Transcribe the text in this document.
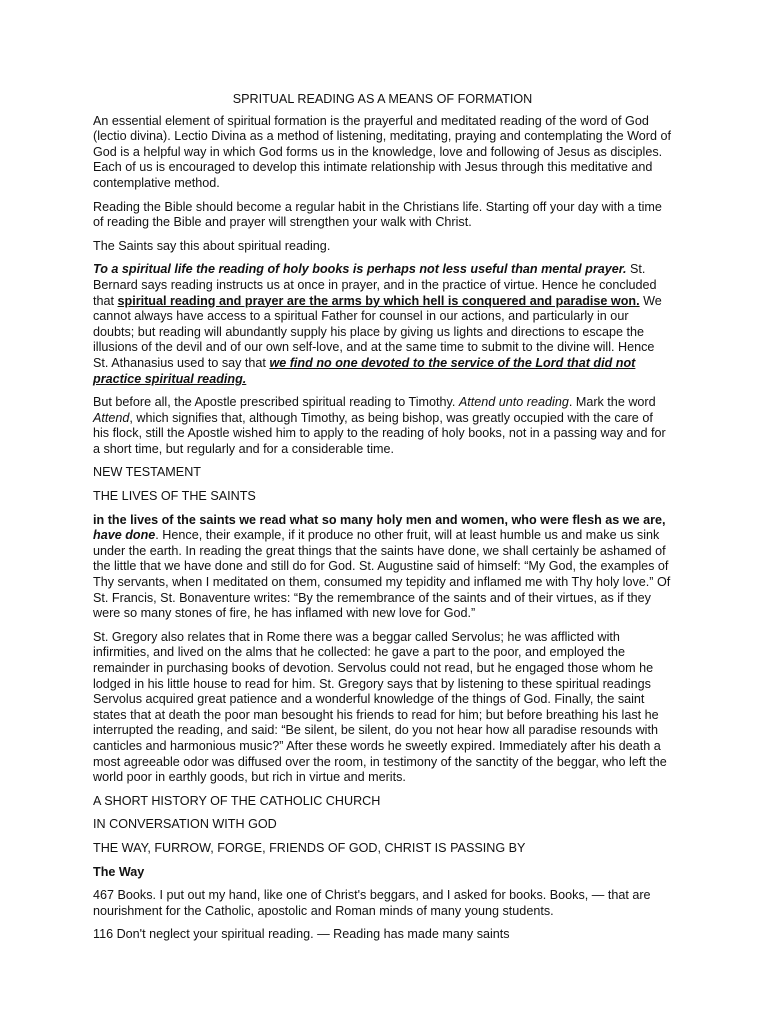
SPRITUAL READING AS A MEANS OF FORMATION

An essential element of spiritual formation is the prayerful and meditated reading of the word of God (lectio divina). Lectio Divina as a method of listening, meditating, praying and contemplating the Word of God is a helpful way in which God forms us in the knowledge, love and following of Jesus as disciples. Each of us is encouraged to develop this intimate relationship with Jesus through this meditative and contemplative method.

Reading the Bible should become a regular habit in the Christians life. Starting off your day with a time of reading the Bible and prayer will strengthen your walk with Christ.

The Saints say this about spiritual reading.

To a spiritual life the reading of holy books is perhaps not less useful than mental prayer. St. Bernard says reading instructs us at once in prayer, and in the practice of virtue. Hence he concluded that spiritual reading and prayer are the arms by which hell is conquered and paradise won. We cannot always have access to a spiritual Father for counsel in our actions, and particularly in our doubts; but reading will abundantly supply his place by giving us lights and directions to escape the illusions of the devil and of our own self-love, and at the same time to submit to the divine will. Hence St. Athanasius used to say that we find no one devoted to the service of the Lord that did not practice spiritual reading.

But before all, the Apostle prescribed spiritual reading to Timothy. Attend unto reading. Mark the word Attend, which signifies that, although Timothy, as being bishop, was greatly occupied with the care of his flock, still the Apostle wished him to apply to the reading of holy books, not in a passing way and for a short time, but regularly and for a considerable time.

NEW TESTAMENT
THE LIVES OF THE SAINTS

in the lives of the saints we read what so many holy men and women, who were flesh as we are, have done. Hence, their example, if it produce no other fruit, will at least humble us and make us sink under the earth. In reading the great things that the saints have done, we shall certainly be ashamed of the little that we have done and still do for God. St. Augustine said of himself: “My God, the examples of Thy servants, when I meditated on them, consumed my tepidity and inflamed me with Thy holy love.” Of St. Francis, St. Bonaventure writes: “By the remembrance of the saints and of their virtues, as if they were so many stones of fire, he has inflamed with new love for God.”

St. Gregory also relates that in Rome there was a beggar called Servolus; he was afflicted with infirmities, and lived on the alms that he collected: he gave a part to the poor, and employed the remainder in purchasing books of devotion. Servolus could not read, but he engaged those whom he lodged in his little house to read for him. St. Gregory says that by listening to these spiritual readings Servolus acquired great patience and a wonderful knowledge of the things of God. Finally, the saint states that at death the poor man besought his friends to read for him; but before breathing his last he interrupted the reading, and said: “Be silent, be silent, do you not hear how all paradise resounds with canticles and harmonious music?” After these words he sweetly expired. Immediately after his death a most agreeable odor was diffused over the room, in testimony of the sanctity of the beggar, who left the world poor in earthly goods, but rich in virtue and merits.

A SHORT HISTORY OF THE CATHOLIC CHURCH
IN CONVERSATION WITH GOD
THE WAY, FURROW, FORGE, FRIENDS OF GOD, CHRIST IS PASSING BY
The Way

467 Books. I put out my hand, like one of Christ's beggars, and I asked for books. Books, — that are nourishment for the Catholic, apostolic and Roman minds of many young students.

116 Don't neglect your spiritual reading. — Reading has made many saints
